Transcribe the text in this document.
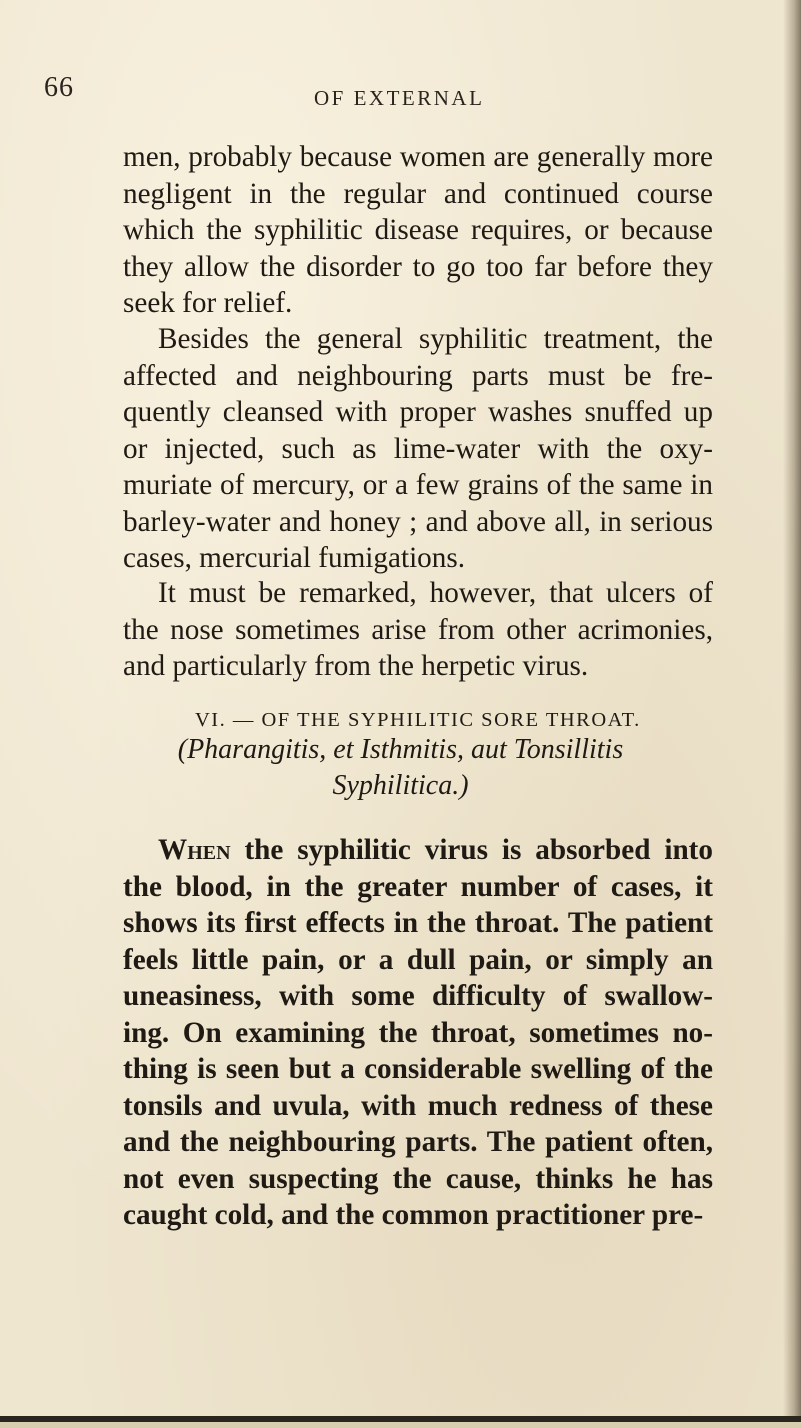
66	OF EXTERNAL
men, probably because women are generally more negligent in the regular and continued course which the syphilitic disease requires, or because they allow the disorder to go too far before they seek for relief.
Besides the general syphilitic treatment, the affected and neighbouring parts must be fre- quently cleansed with proper washes snuffed up or injected, such as lime-water with the oxy- muriate of mercury, or a few grains of the same in barley-water and honey ; and above all, in serious cases, mercurial fumigations.
It must be remarked, however, that ulcers of the nose sometimes arise from other acrimonies, and particularly from the herpetic virus.
VI. — OF THE SYPHILITIC SORE THROAT.
(Pharangitis, et Isthmitis, aut Tonsillitis
Syphilitica.)
When the syphilitic virus is absorbed into the blood, in the greater number of cases, it shows its first effects in the throat. The patient feels little pain, or a dull pain, or simply an uneasiness, with some difficulty of swallow- ing. On examining the throat, sometimes no- thing is seen but a considerable swelling of the tonsils and uvula, with much redness of these and the neighbouring parts. The patient often, not even suspecting the cause, thinks he has caught cold, and the common practitioner pre-
